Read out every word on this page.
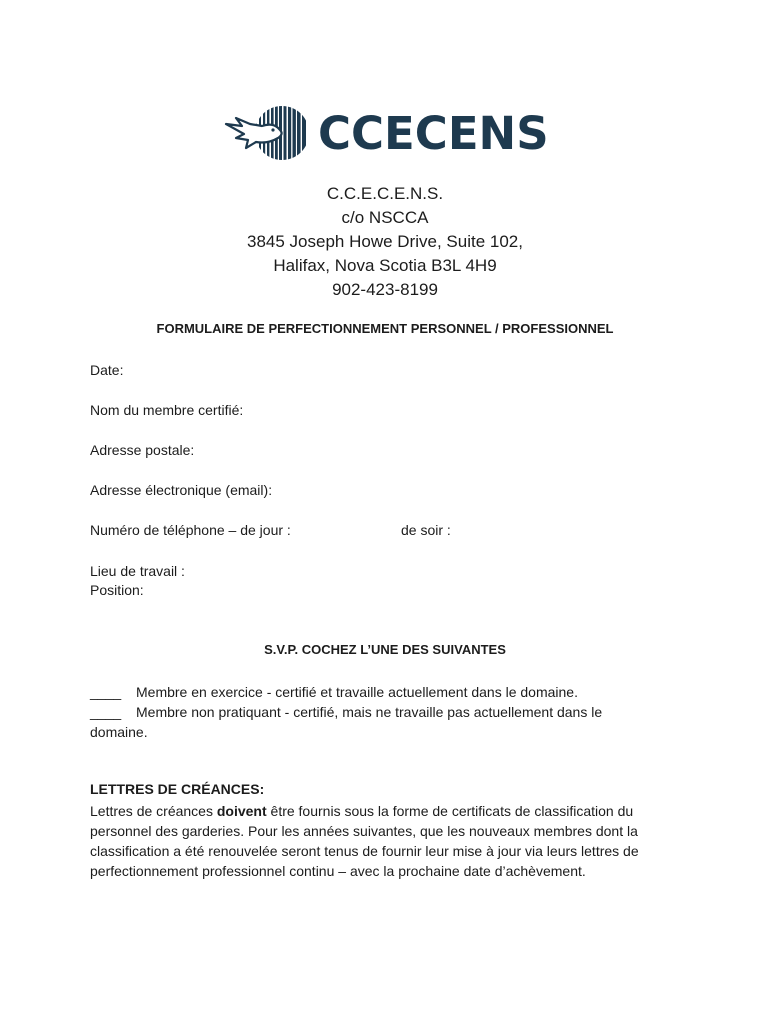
CCECENS
C.C.E.C.E.N.S.
c/o NSCCA
3845 Joseph Howe Drive, Suite 102,
Halifax, Nova Scotia B3L 4H9
902-423-8199
FORMULAIRE DE PERFECTIONNEMENT PERSONNEL / PROFESSIONNEL
Date:
Nom du membre certifié:
Adresse postale:
Adresse électronique (email):
Numéro de téléphone – de jour :	de soir :
Lieu de travail :
Position:
S.V.P. COCHEZ L’UNE DES SUIVANTES
____ Membre en exercice - certifié et travaille actuellement dans le domaine.
____ Membre non pratiquant - certifié, mais ne travaille pas actuellement dans le
domaine.
LETTRES DE CRÉANCES:
Lettres de créances doivent être fournis sous la forme de certificats de classification du personnel des garderies. Pour les années suivantes, que les nouveaux membres dont la classification a été renouvelée seront tenus de fournir leur mise à jour via leurs lettres de perfectionnement professionnel continu – avec la prochaine date d’achèvement.
